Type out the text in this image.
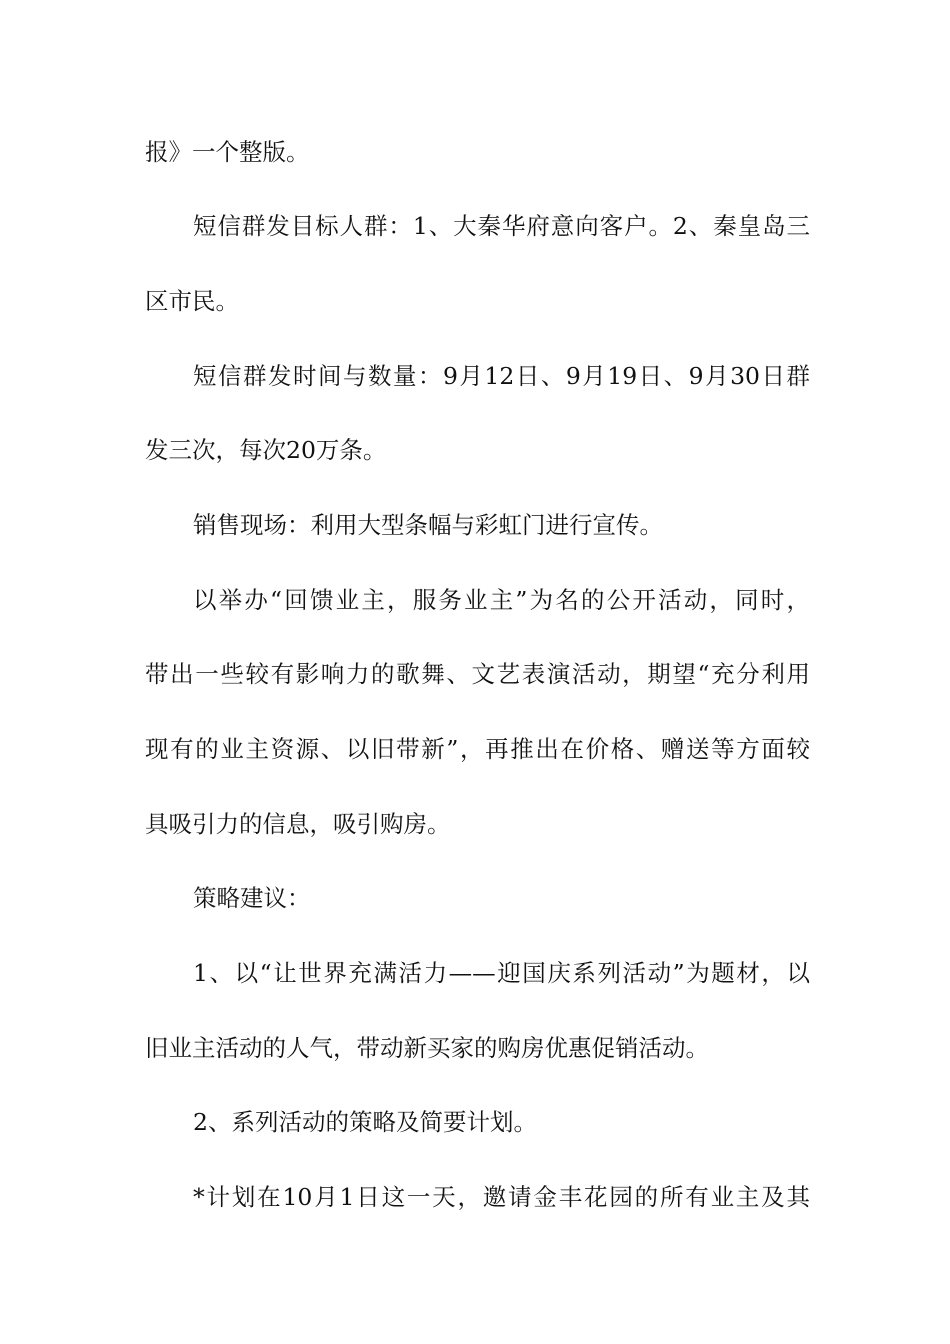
报》一个整版。
短信群发目标人群：1、大秦华府意向客户。2、秦皇岛三
区市民。
短信群发时间与数量：9月12日、9月19日、9月30日群
发三次，每次20万条。
销售现场：利用大型条幅与彩虹门进行宣传。
以举办“回馈业主，服务业主”为名的公开活动，同时，
带出一些较有影响力的歌舞、文艺表演活动，期望“充分利用
现有的业主资源、以旧带新”，再推出在价格、赠送等方面较
具吸引力的信息，吸引购房。
策略建议：
1、以“让世界充满活力——迎国庆系列活动”为题材，以
旧业主活动的人气，带动新买家的购房优惠促销活动。
2、系列活动的策略及简要计划。
*计划在10月1日这一天，邀请金丰花园的所有业主及其
